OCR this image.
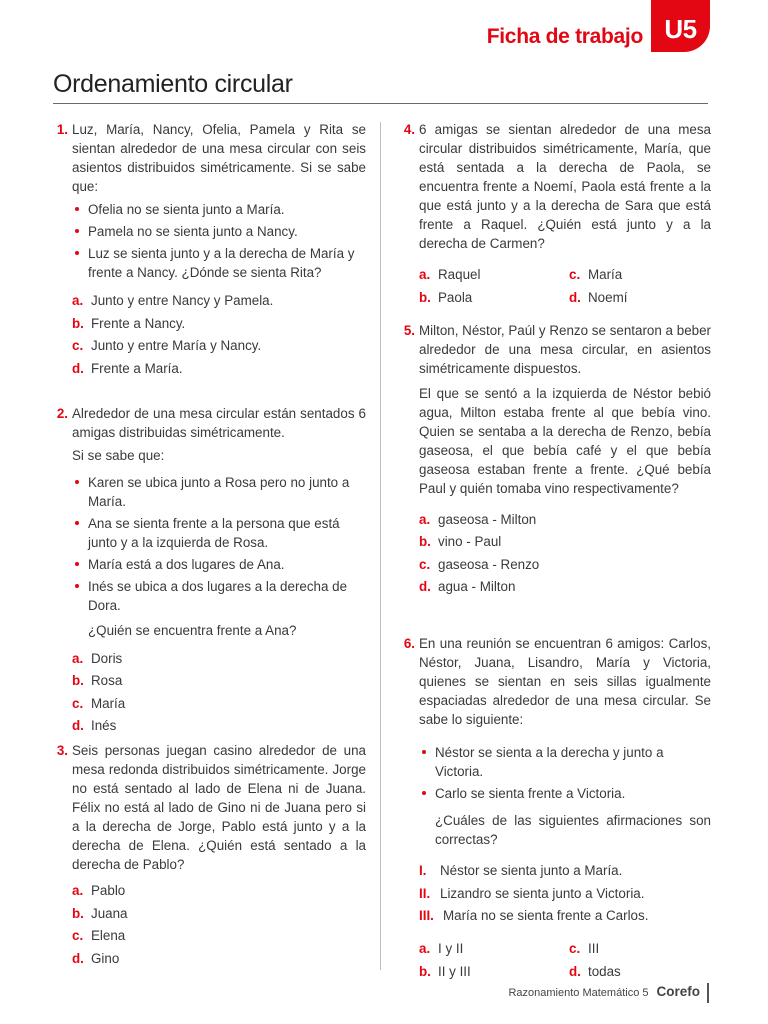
Ficha de trabajo U5
Ordenamiento circular
1. Luz, María, Nancy, Ofelia, Pamela y Rita se sientan alrededor de una mesa circular con seis asientos distribuidos simétricamente. Si se sabe que:
Ofelia no se sienta junto a María.
Pamela no se sienta junto a Nancy.
Luz se sienta junto y a la derecha de María y frente a Nancy. ¿Dónde se sienta Rita?
a. Junto y entre Nancy y Pamela.
b. Frente a Nancy.
c. Junto y entre María y Nancy.
d. Frente a María.
2. Alrededor de una mesa circular están sentados 6 amigas distribuidas simétricamente.
Si se sabe que:
Karen se ubica junto a Rosa pero no junto a María.
Ana se sienta frente a la persona que está junto y a la izquierda de Rosa.
María está a dos lugares de Ana.
Inés se ubica a dos lugares a la derecha de Dora.
¿Quién se encuentra frente a Ana?
a. Doris
b. Rosa
c. María
d. Inés
3. Seis personas juegan casino alrededor de una mesa redonda distribuidos simétricamente. Jorge no está sentado al lado de Elena ni de Juana. Félix no está al lado de Gino ni de Juana pero si a la derecha de Jorge, Pablo está junto y a la derecha de Elena. ¿Quién está sentado a la derecha de Pablo?
a. Pablo
b. Juana
c. Elena
d. Gino
4. 6 amigas se sientan alrededor de una mesa circular distribuidos simétricamente, María, que está sentada a la derecha de Paola, se encuentra frente a Noemí, Paola está frente a la que está junto y a la derecha de Sara que está frente a Raquel. ¿Quién está junto y a la derecha de Carmen?
a. Raquel	c. María
b. Paola	d. Noemí
5. Milton, Néstor, Paúl y Renzo se sentaron a beber alrededor de una mesa circular, en asientos simétricamente dispuestos.
El que se sentó a la izquierda de Néstor bebió agua, Milton estaba frente al que bebía vino. Quien se sentaba a la derecha de Renzo, bebía gaseosa, el que bebía café y el que bebía gaseosa estaban frente a frente. ¿Qué bebía Paul y quién tomaba vino respectivamente?
a. gaseosa - Milton
b. vino - Paul
c. gaseosa - Renzo
d. agua - Milton
6. En una reunión se encuentran 6 amigos: Carlos, Néstor, Juana, Lisandro, María y Victoria, quienes se sientan en seis sillas igualmente espaciadas alrededor de una mesa circular. Se sabe lo siguiente:
Néstor se sienta a la derecha y junto a Victoria.
Carlo se sienta frente a Victoria.
¿Cuáles de las siguientes afirmaciones son correctas?
I.	Néstor se sienta junto a María.
II. Lizandro se sienta junto a Victoria.
III. María no se sienta frente a Carlos.
a. I y II	c. III
b. II y III	d. todas
Razonamiento Matemático 5 Corefo
